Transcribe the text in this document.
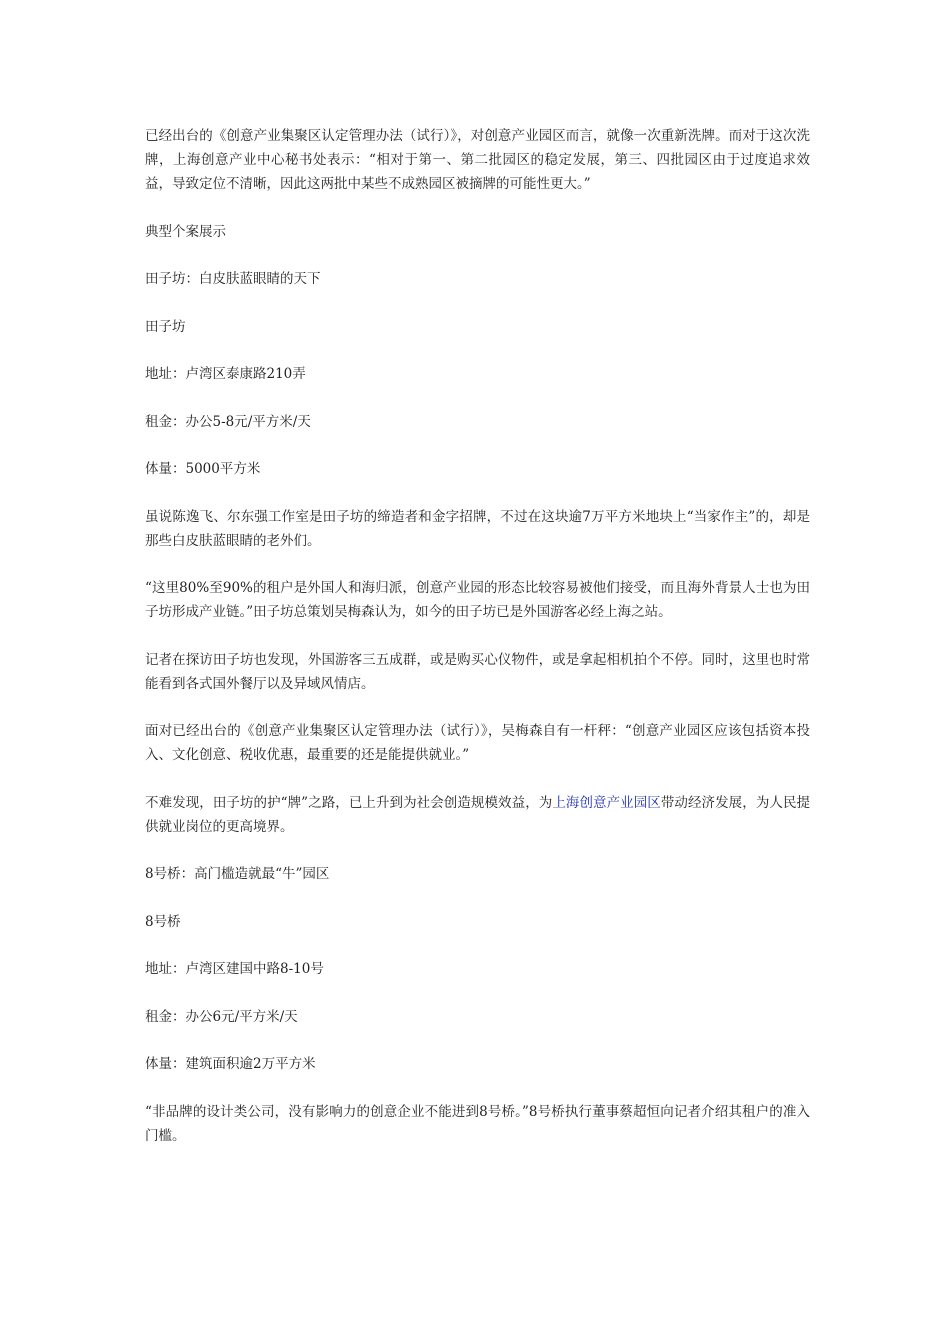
已经出台的《创意产业集聚区认定管理办法（试行）》，对创意产业园区而言，就像一次重新洗牌。而对于这次洗牌，上海创意产业中心秘书处表示：“相对于第一、第二批园区的稳定发展，第三、四批园区由于过度追求效益，导致定位不清晰，因此这两批中某些不成熟园区被摘牌的可能性更大。”

典型个案展示

田子坊：白皮肤蓝眼睛的天下

田子坊

地址：卢湾区泰康路210弄

租金：办公5-8元/平方米/天

体量：5000平方米

虽说陈逸飞、尔东强工作室是田子坊的缔造者和金字招牌，不过在这块逾7万平方米地块上“当家作主”的，却是那些白皮肤蓝眼睛的老外们。

“这里80%至90%的租户是外国人和海归派，创意产业园的形态比较容易被他们接受，而且海外背景人士也为田子坊形成产业链。”田子坊总策划吴梅森认为，如今的田子坊已是外国游客必经上海之站。

记者在探访田子坊也发现，外国游客三五成群，或是购买心仪物件，或是拿起相机拍个不停。同时，这里也时常能看到各式国外餐厅以及异域风情店。

面对已经出台的《创意产业集聚区认定管理办法（试行）》，吴梅森自有一杆秤：“创意产业园区应该包括资本投入、文化创意、税收优惠，最重要的还是能提供就业。”

不难发现，田子坊的护“牌”之路，已上升到为社会创造规模效益，为上海创意产业园区带动经济发展，为人民提供就业岗位的更高境界。

8号桥：高门槛造就最“牛”园区

8号桥

地址：卢湾区建国中路8-10号

租金：办公6元/平方米/天

体量：建筑面积逾2万平方米

“非品牌的设计类公司，没有影响力的创意企业不能进到8号桥。”8号桥执行董事蔡超恒向记者介绍其租户的准入门槛。
